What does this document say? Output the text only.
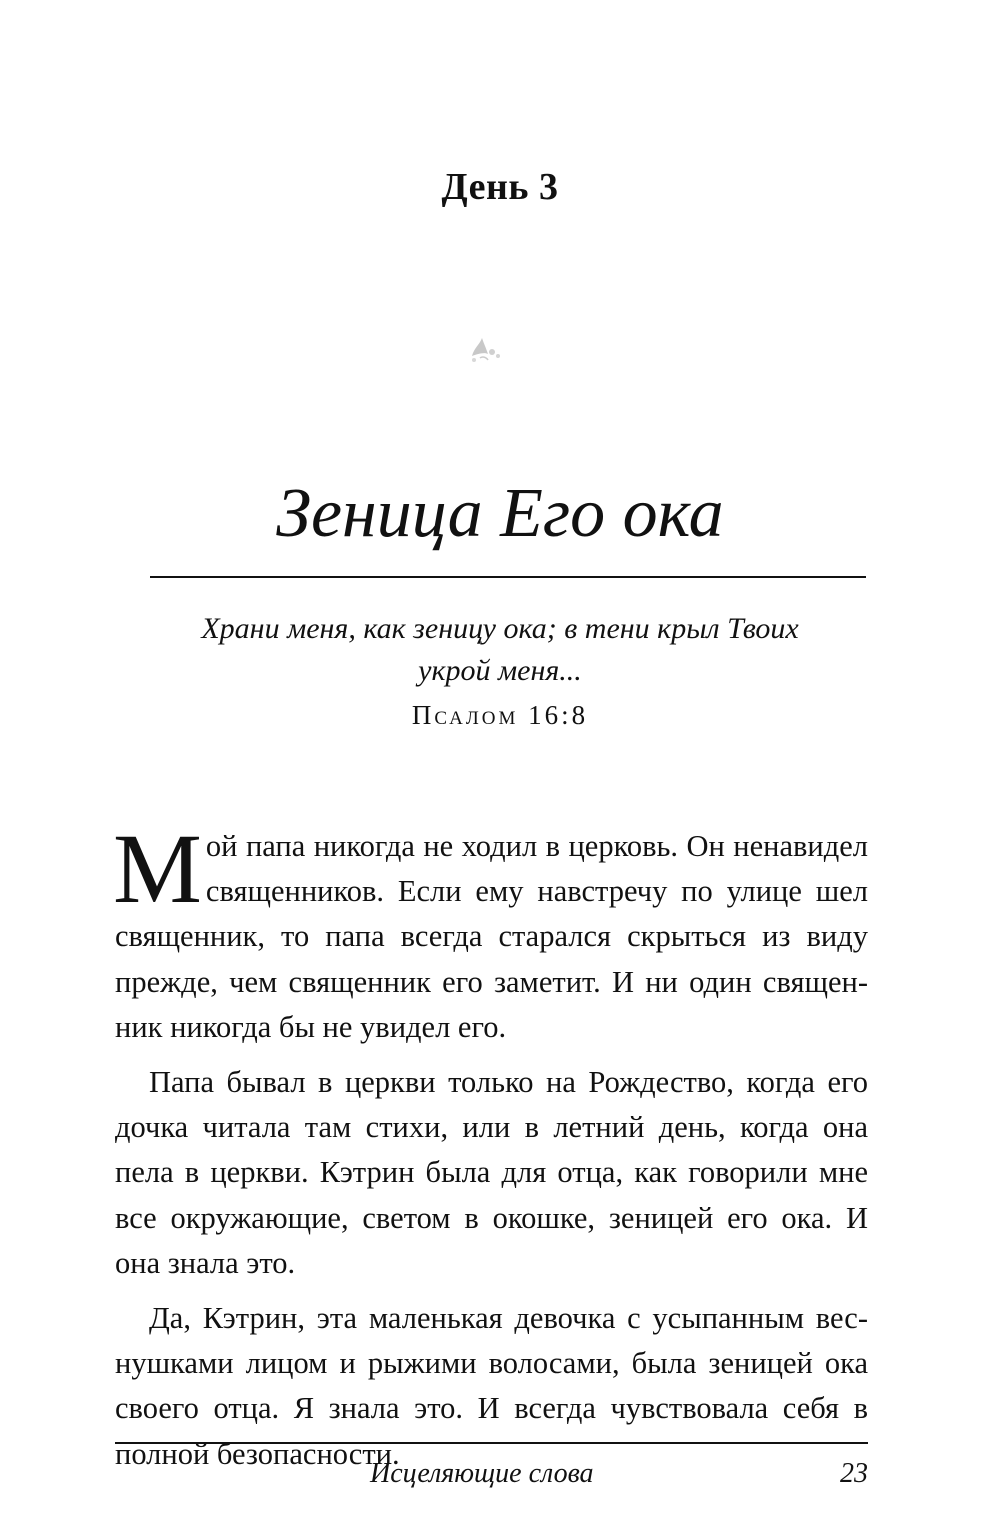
День 3
Зеница Его ока
Храни меня, как зеницу ока; в тени крыл Твоих
укрой меня...
Псалом 16:8

Мой папа никогда не ходил в церковь. Он ненавидел священников. Если ему навстречу по улице шел священник, то папа всегда старался скрыться из виду прежде, чем священник его заметит. И ни один священник никогда бы не увидел его.

Папа бывал в церкви только на Рождество, когда его дочка читала там стихи, или в летний день, когда она пела в церкви. Кэтрин была для отца, как говорили мне все окружающие, светом в окошке, зеницей его ока. И она знала это.

Да, Кэтрин, эта маленькая девочка с усыпанным веснушками лицом и рыжими волосами, была зеницей ока своего отца. Я знала это. И всегда чувствовала себя в полной безопасности.

Исцеляющие слова	23
